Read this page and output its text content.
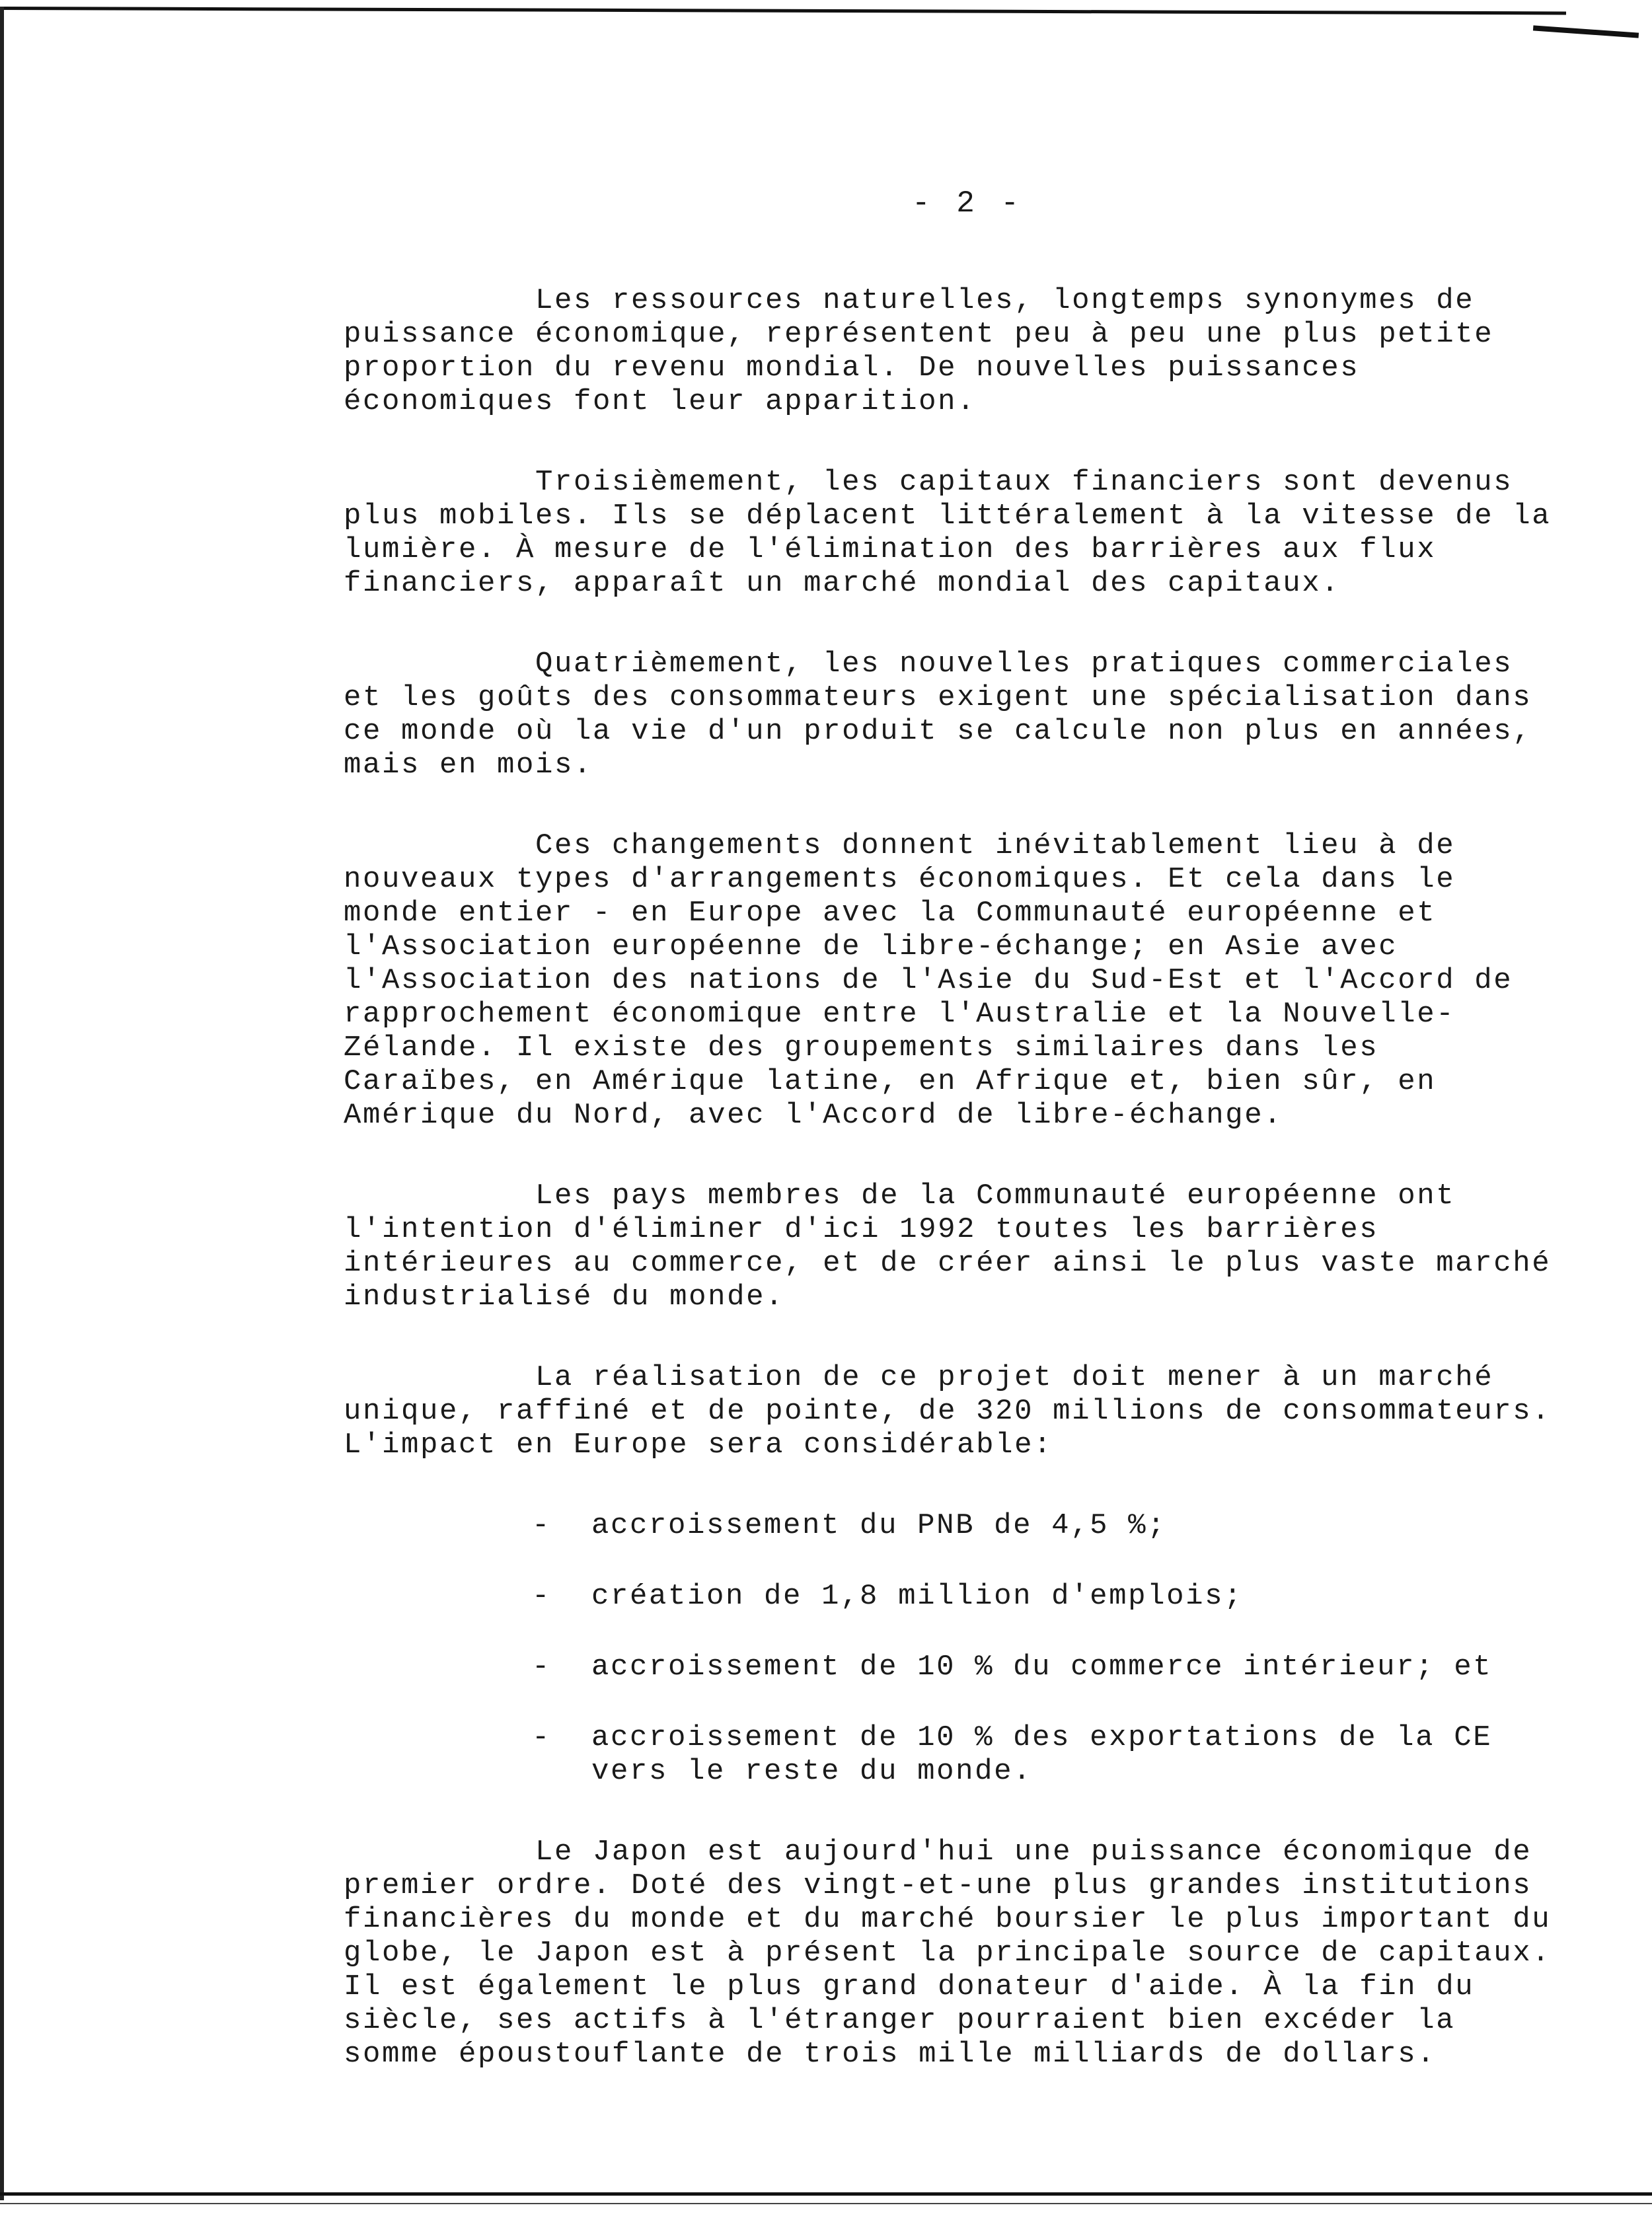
- 2 -

Les ressources naturelles, longtemps synonymes de puissance économique, représentent peu à peu une plus petite proportion du revenu mondial. De nouvelles puissances économiques font leur apparition.

Troisièmement, les capitaux financiers sont devenus plus mobiles. Ils se déplacent littéralement à la vitesse de la lumière. À mesure de l'élimination des barrières aux flux financiers, apparaît un marché mondial des capitaux.

Quatrièmement, les nouvelles pratiques commerciales et les goûts des consommateurs exigent une spécialisation dans ce monde où la vie d'un produit se calcule non plus en années, mais en mois.

Ces changements donnent inévitablement lieu à de nouveaux types d'arrangements économiques. Et cela dans le monde entier - en Europe avec la Communauté européenne et l'Association européenne de libre-échange; en Asie avec l'Association des nations de l'Asie du Sud-Est et l'Accord de rapprochement économique entre l'Australie et la Nouvelle-Zélande. Il existe des groupements similaires dans les Caraïbes, en Amérique latine, en Afrique et, bien sûr, en Amérique du Nord, avec l'Accord de libre-échange.

Les pays membres de la Communauté européenne ont l'intention d'éliminer d'ici 1992 toutes les barrières intérieures au commerce, et de créer ainsi le plus vaste marché industrialisé du monde.

La réalisation de ce projet doit mener à un marché unique, raffiné et de pointe, de 320 millions de consommateurs. L'impact en Europe sera considérable:

- accroissement du PNB de 4,5 %;
- création de 1,8 million d'emplois;
- accroissement de 10 % du commerce intérieur; et
- accroissement de 10 % des exportations de la CE vers le reste du monde.

Le Japon est aujourd'hui une puissance économique de premier ordre. Doté des vingt-et-une plus grandes institutions financières du monde et du marché boursier le plus important du globe, le Japon est à présent la principale source de capitaux. Il est également le plus grand donateur d'aide. À la fin du siècle, ses actifs à l'étranger pourraient bien excéder la somme époustouflante de trois mille milliards de dollars.
